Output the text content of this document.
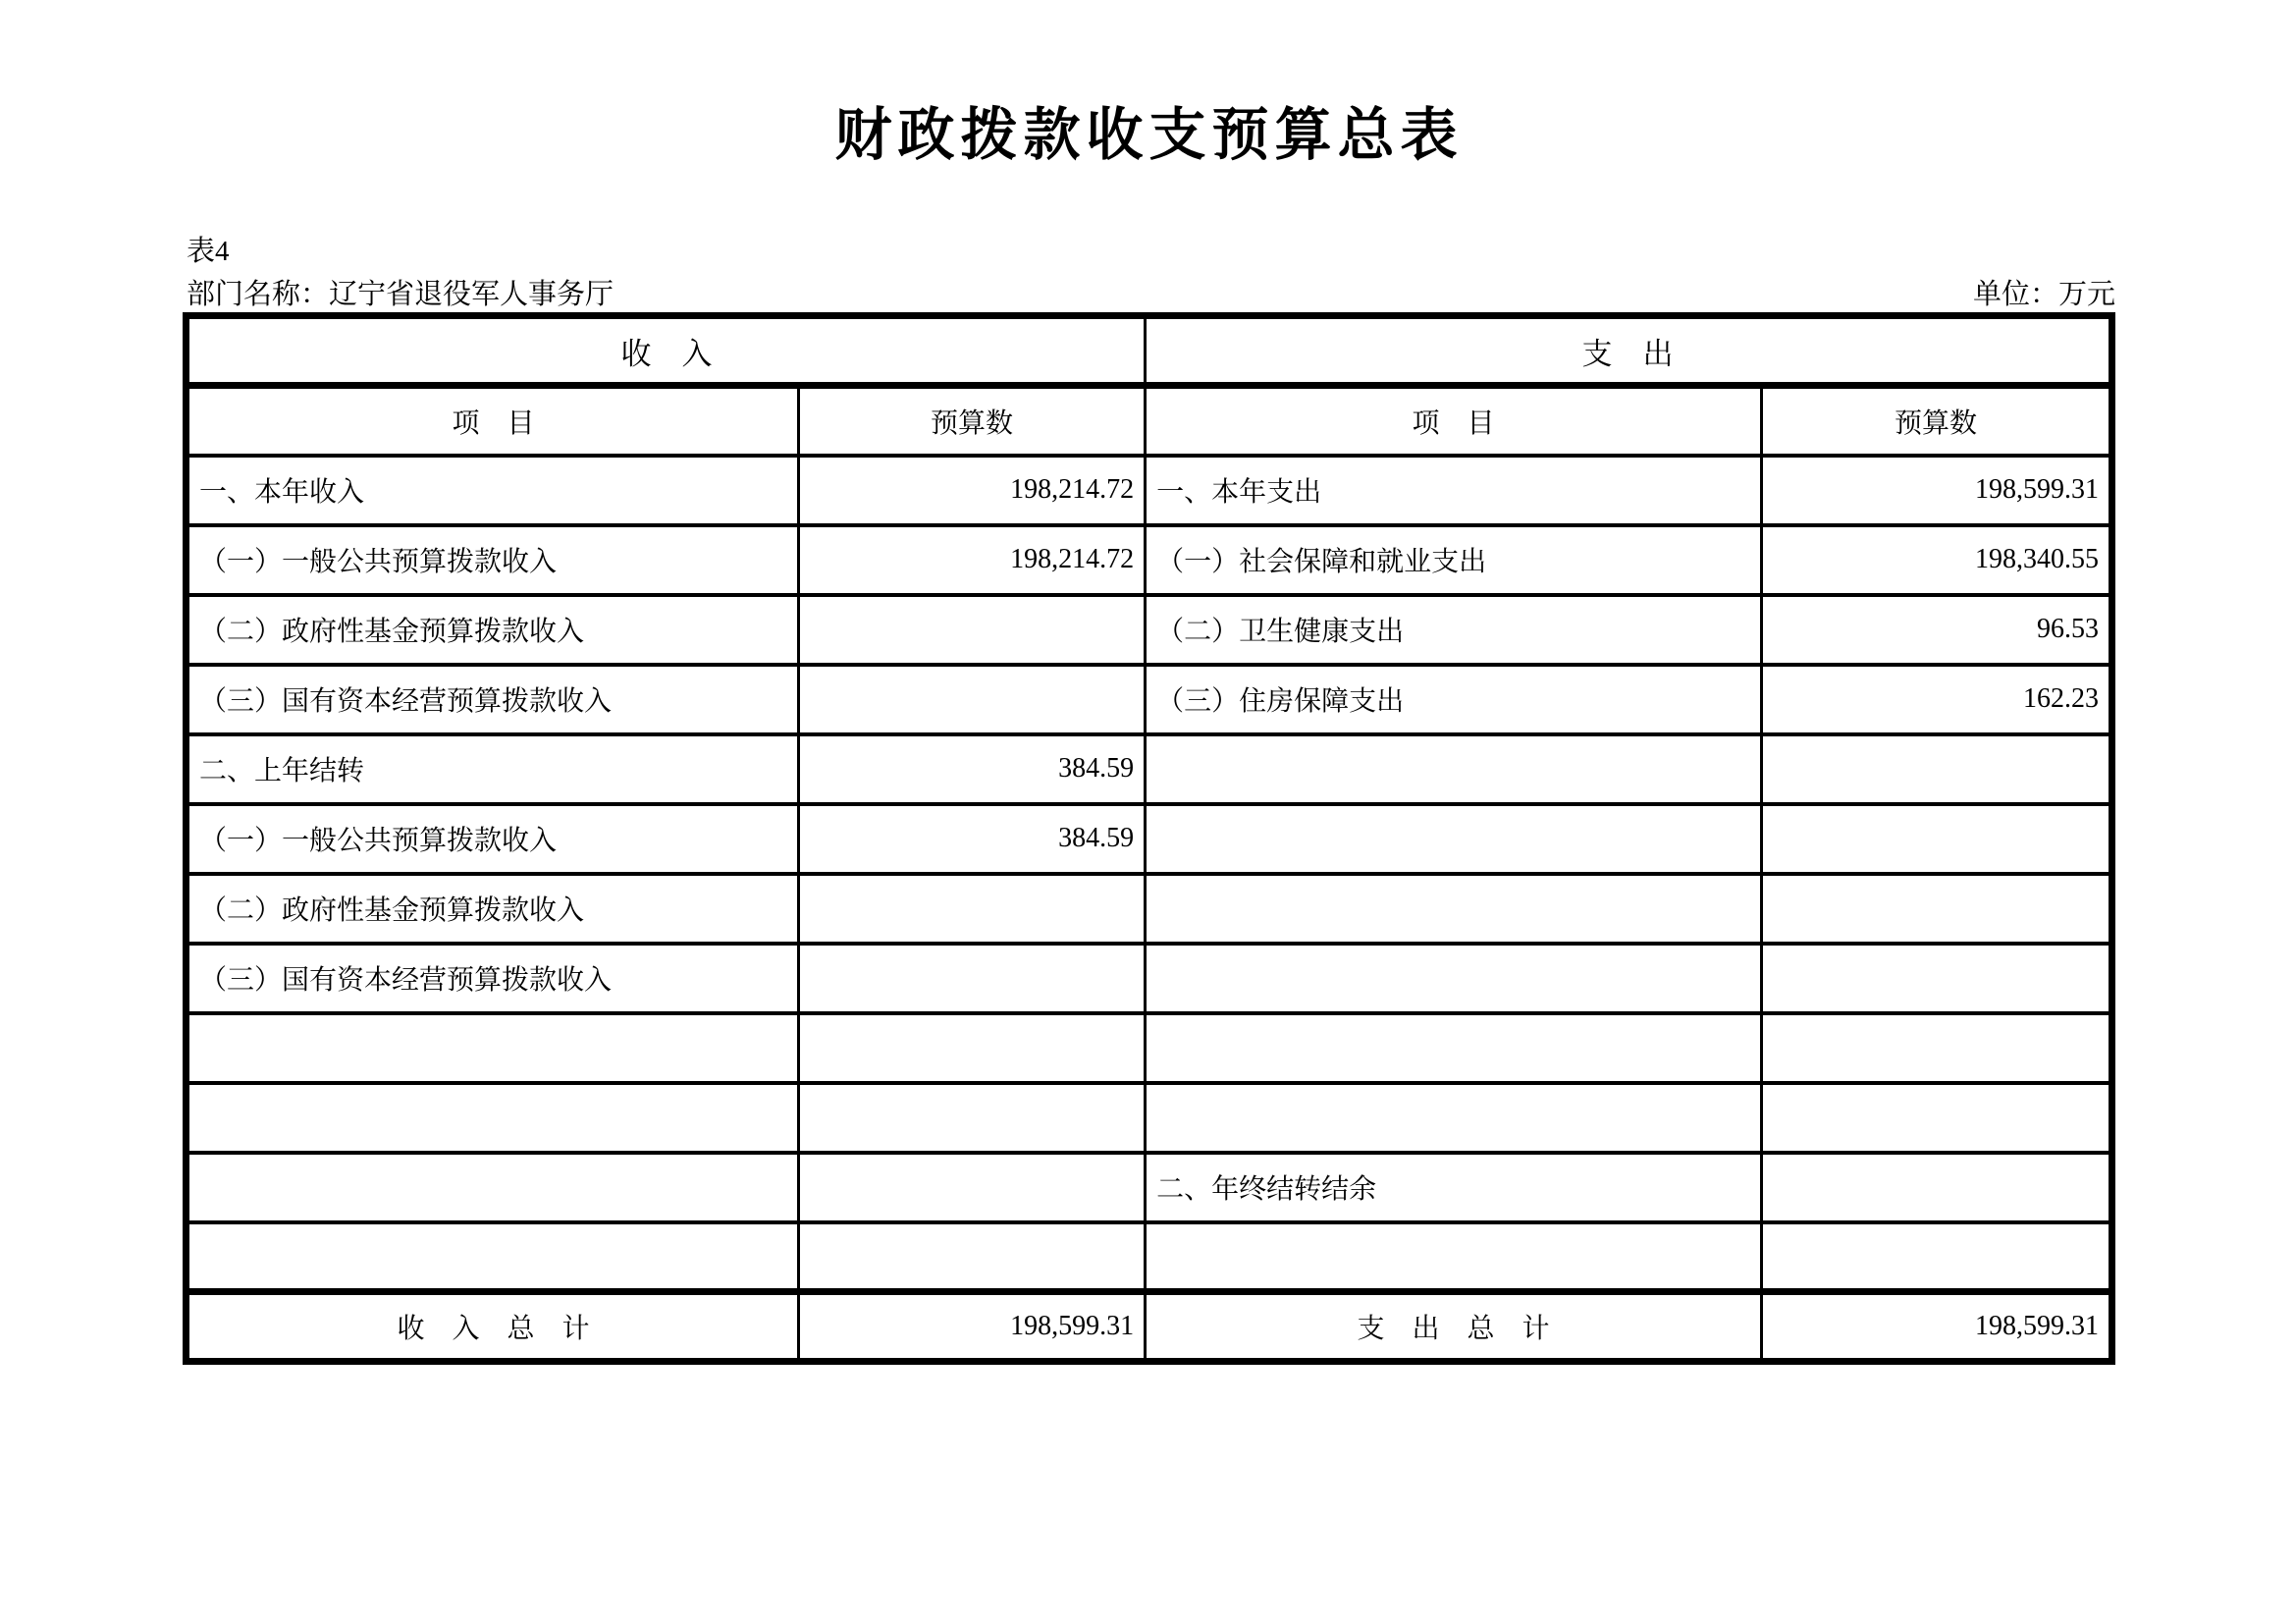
财政拨款收支预算总表
表4
部门名称：辽宁省退役军人事务厅	单位：万元
收　入		支　出	
项　目	预算数	项　目	预算数
一、本年收入	198,214.72	一、本年支出	198,599.31
（一）一般公共预算拨款收入	198,214.72	（一）社会保障和就业支出	198,340.55
（二）政府性基金预算拨款收入		（二）卫生健康支出	96.53
（三）国有资本经营预算拨款收入		（三）住房保障支出	162.23
二、上年结转	384.59		
（一）一般公共预算拨款收入	384.59		
（二）政府性基金预算拨款收入			
（三）国有资本经营预算拨款收入			

		二、年终结转结余	

收　入　总　计	198,599.31	支　出　总　计	198,599.31
